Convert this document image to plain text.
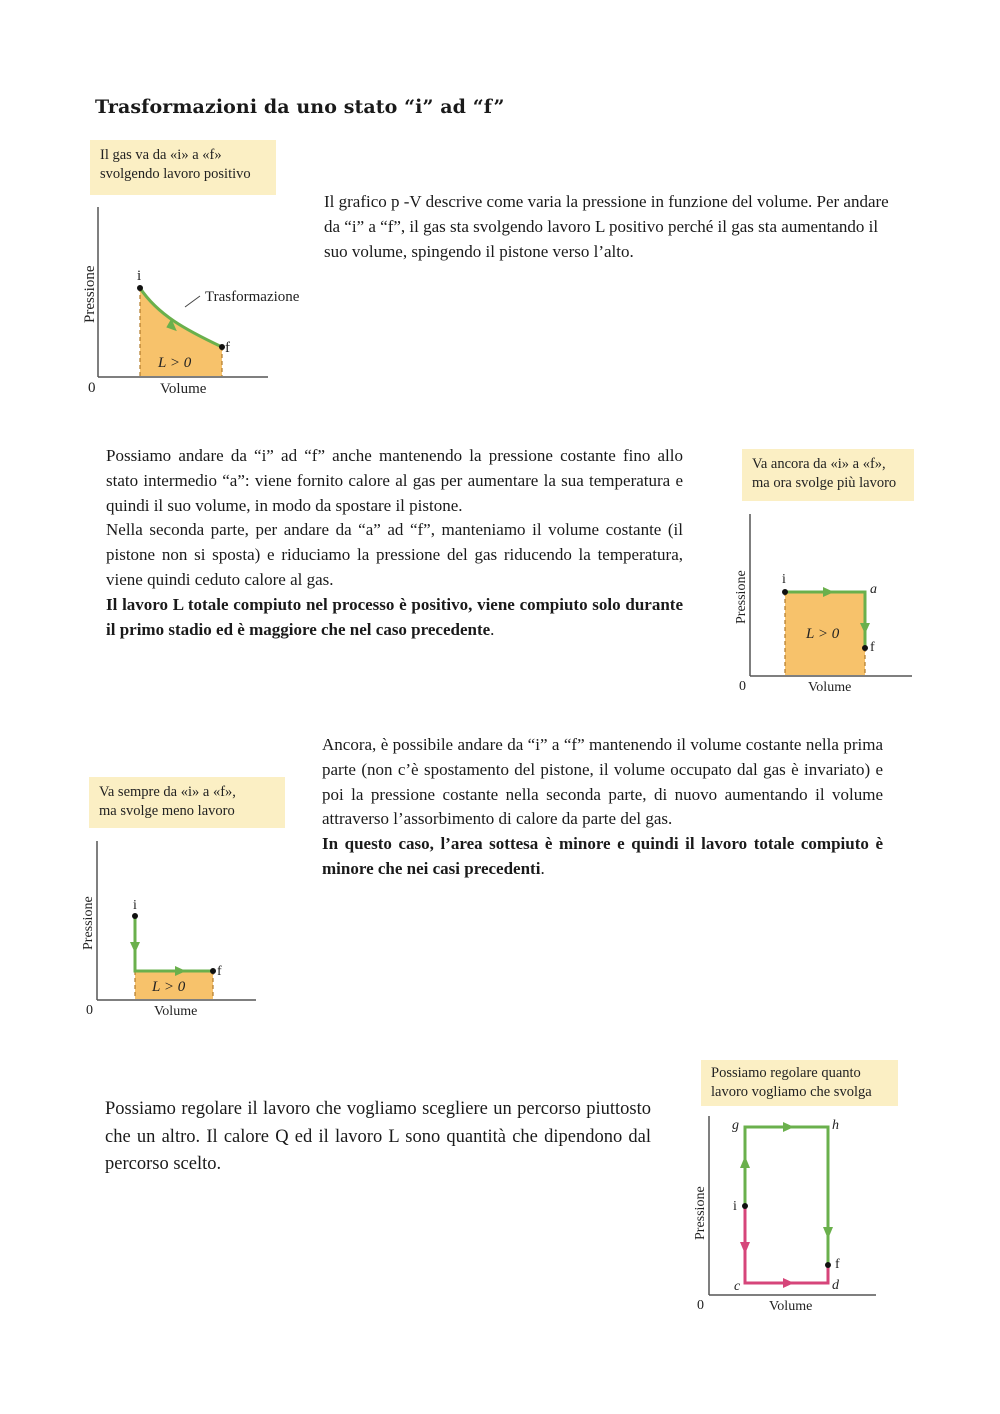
Trasformazioni da uno stato “i” ad “f”
Il gas va da «i» a «f»
svolgendo lavoro positivo
i
f
Trasformazione
L > 0
Pressione
Volume
0

Il grafico p -V descrive come varia la pressione in funzione del volume. Per andare da “i” a “f”, il gas sta svolgendo lavoro L positivo perché il gas sta aumentando il suo volume, spingendo il pistone verso l’alto.

Possiamo andare da “i” ad “f” anche mantenendo la pressione costante fino allo stato intermedio “a”: viene fornito calore al gas per aumentare la sua temperatura e quindi il suo volume, in modo da spostare il pistone.

Nella seconda parte, per andare da “a” ad “f”, manteniamo il volume costante (il pistone non si sposta) e riduciamo la pressione del gas riducendo la temperatura, viene quindi ceduto calore al gas.

Il lavoro L totale compiuto nel processo è positivo, viene compiuto solo durante il primo stadio ed è maggiore che nel caso precedente.

Va ancora da «i» a «f»,
ma ora svolge più lavoro
i
a
f
L > 0
Pressione
Volume
0

Ancora, è possibile andare da “i” a “f” mantenendo il volume costante nella prima parte (non c’è spostamento del pistone, il volume occupato dal gas è invariato) e poi la pressione costante nella seconda parte, di nuovo aumentando il volume attraverso l’assorbimento di calore da parte del gas.

In questo caso, l’area sottesa è minore e quindi il lavoro totale compiuto è minore che nei casi precedenti.

Va sempre da «i» a «f»,
ma svolge meno lavoro
i
f
L > 0
Pressione
Volume
0
Possiamo regolare quanto
lavoro vogliamo che svolga

Possiamo regolare il lavoro che vogliamo scegliere un percorso piuttosto che un altro. Il calore Q ed il lavoro L sono quantità che dipendono dal percorso scelto.

g	h
i
f
c	d
Pressione
Volume
0
